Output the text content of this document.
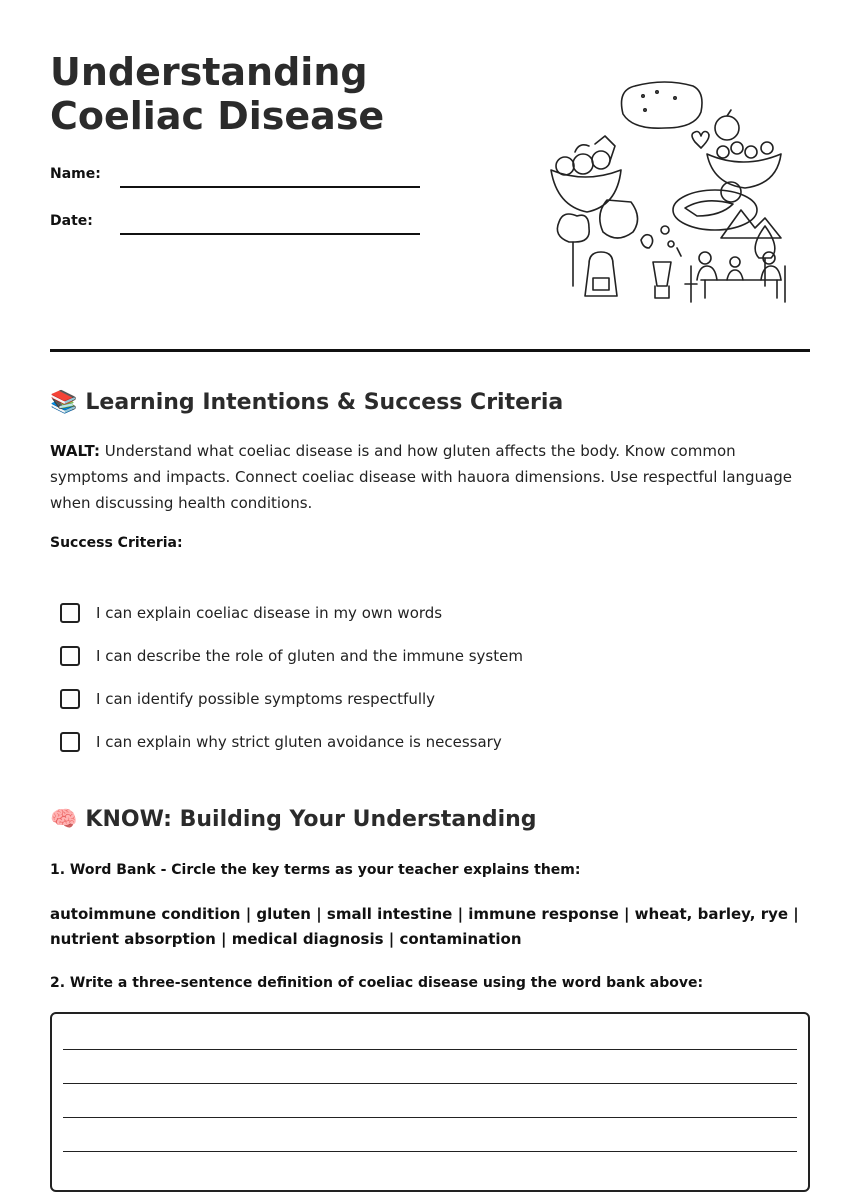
Understanding Coeliac Disease
Name:
Date:
📚 Learning Intentions & Success Criteria
WALT: Understand what coeliac disease is and how gluten affects the body. Know common symptoms and impacts. Connect coeliac disease with hauora dimensions. Use respectful language when discussing health conditions.
Success Criteria:
I can explain coeliac disease in my own words
I can describe the role of gluten and the immune system
I can identify possible symptoms respectfully
I can explain why strict gluten avoidance is necessary
🧠 KNOW: Building Your Understanding
1. Word Bank - Circle the key terms as your teacher explains them:
autoimmune condition | gluten | small intestine | immune response | wheat, barley, rye | nutrient absorption | medical diagnosis | contamination
2. Write a three-sentence definition of coeliac disease using the word bank above:
